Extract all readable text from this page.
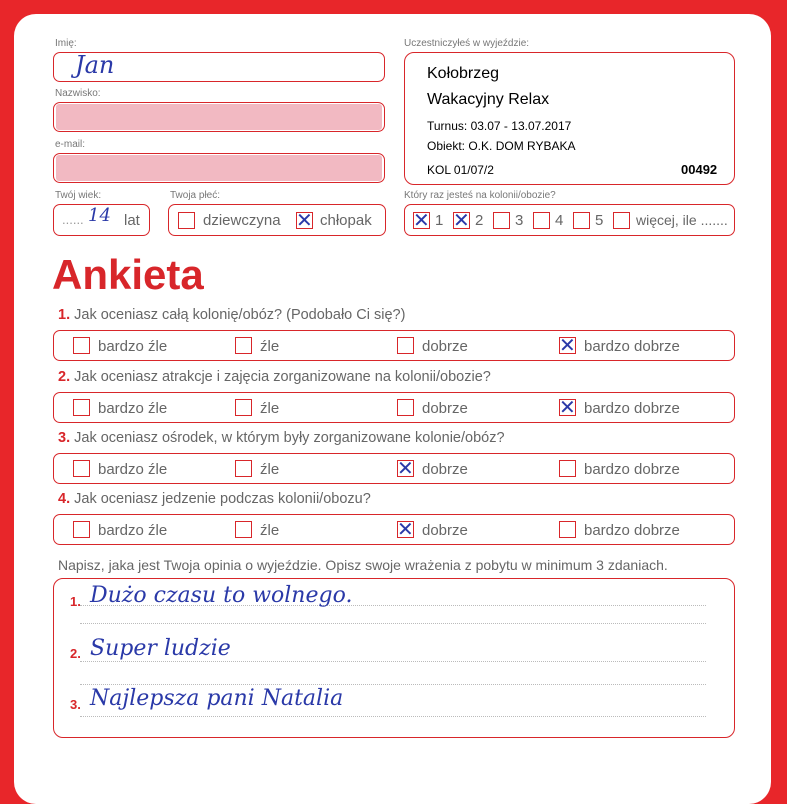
Imię:
Jan
Nazwisko:
e-mail:
Twój wiek:
...... 14 lat
Twoja płeć:
dziewczyna ✕ chłopak
Uczestniczyłeś w wyjeździe:
Kołobrzeg
Wakacyjny Relax
Turnus: 03.07 - 13.07.2017
Obiekt: O.K. DOM RYBAKA
KOL 01/07/2	00492
Który raz jesteś na kolonii/obozie?
✕ 1 ✕ 2 3 4 5 więcej, ile .......
Ankieta
1. Jak oceniasz całą kolonię/obóz? (Podobało Ci się?)
bardzo źle	źle	dobrze	✕ bardzo dobrze
2. Jak oceniasz atrakcje i zajęcia zorganizowane na kolonii/obozie?
bardzo źle	źle	dobrze	✕ bardzo dobrze
3. Jak oceniasz ośrodek, w którym były zorganizowane kolonie/obóz?
bardzo źle	źle	✕ dobrze	bardzo dobrze
4. Jak oceniasz jedzenie podczas kolonii/obozu?
bardzo źle	źle	✕ dobrze	bardzo dobrze
Napisz, jaka jest Twoja opinia o wyjeździe. Opisz swoje wrażenia z pobytu w minimum 3 zdaniach.
1. Dużo czasu to wolnego.
2. Super ludzie
3. Najlepsza pani Natalia
